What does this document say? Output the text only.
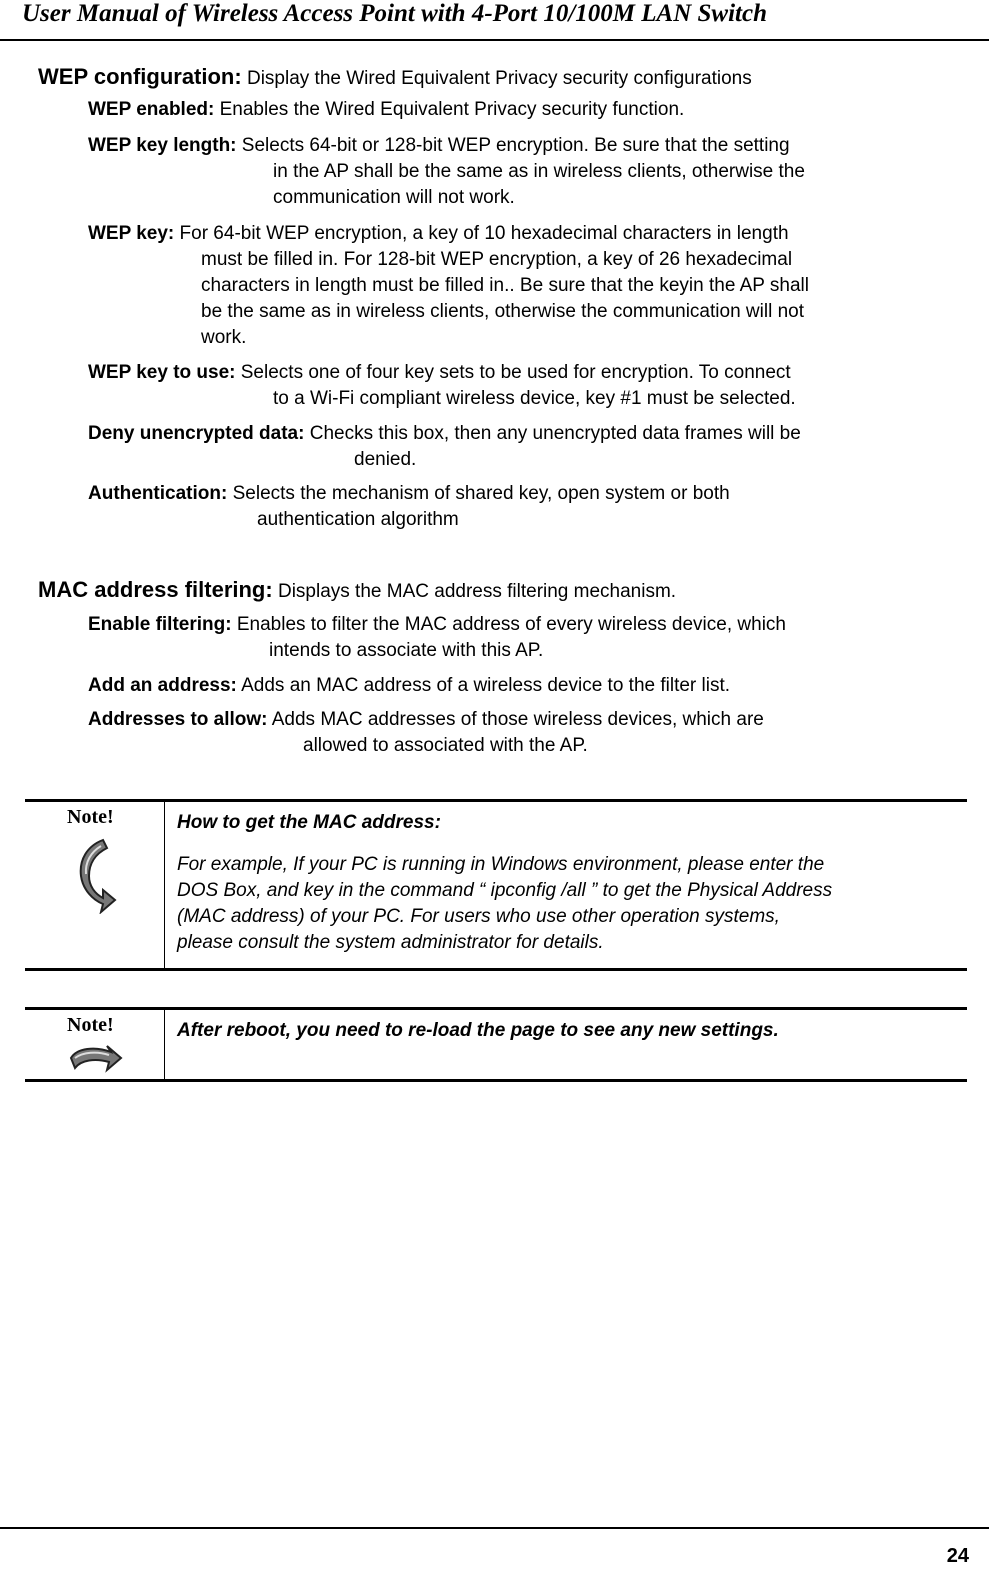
User Manual of Wireless Access Point with 4-Port 10/100M LAN Switch
WEP configuration: Display the Wired Equivalent Privacy security configurations
WEP enabled: Enables the Wired Equivalent Privacy security function.
WEP key length: Selects 64-bit or 128-bit WEP encryption. Be sure that the setting
in the AP shall be the same as in wireless clients, otherwise the
communication will not work.
WEP key: For 64-bit WEP encryption, a key of 10 hexadecimal characters in length
must be filled in. For 128-bit WEP encryption, a key of 26 hexadecimal
characters in length must be filled in.. Be sure that the keyin the AP shall
be the same as in wireless clients, otherwise the communication will not
work.
WEP key to use: Selects one of four key sets to be used for encryption. To connect
to a Wi-Fi compliant wireless device, key #1 must be selected.
Deny unencrypted data: Checks this box, then any unencrypted data frames will be
denied.
Authentication: Selects the mechanism of shared key, open system or both
authentication algorithm
MAC address filtering: Displays the MAC address filtering mechanism.
Enable filtering: Enables to filter the MAC address of every wireless device, which
intends to associate with this AP.
Add an address: Adds an MAC address of a wireless device to the filter list.
Addresses to allow: Adds MAC addresses of those wireless devices, which are
allowed to associated with the AP.
Note!	How to get the MAC address:
For example, If your PC is running in Windows environment, please enter the
DOS Box, and key in the command “ ipconfig /all ” to get the Physical Address
(MAC address) of your PC. For users who use other operation systems,
please consult the system administrator for details.
Note!	After reboot, you need to re-load the page to see any new settings.
24
